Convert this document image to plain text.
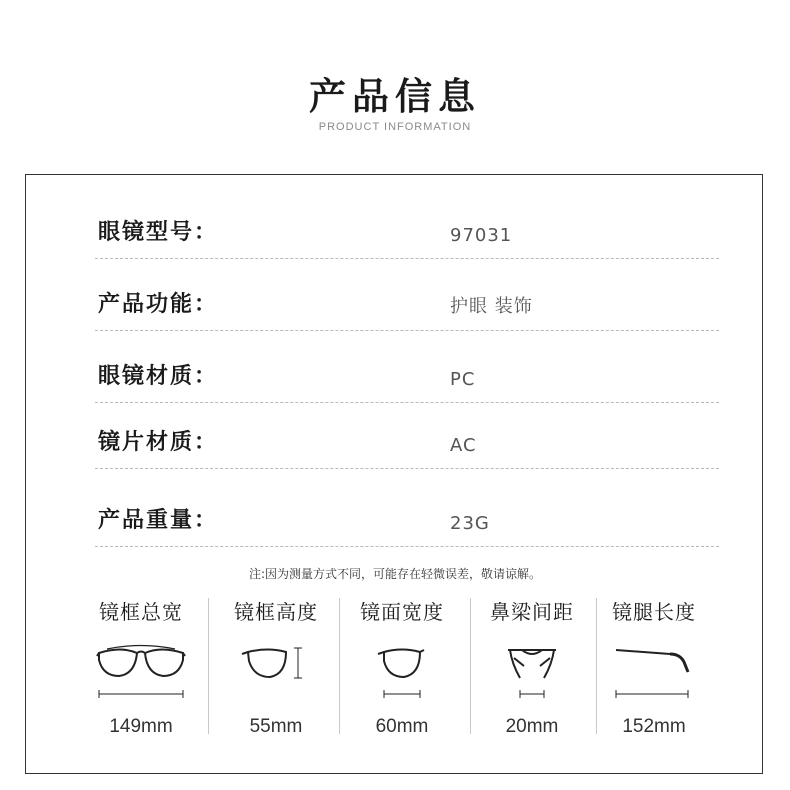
产品信息
PRODUCT INFORMATION
眼镜型号：	97031
产品功能：	护眼 装饰
眼镜材质：	PC
镜片材质：	AC
产品重量：	23G
注:因为测量方式不同，可能存在轻微误差，敬请谅解。
镜框总宽
149mm
镜框高度
55mm
镜面宽度
60mm
鼻梁间距
20mm
镜腿长度
152mm
